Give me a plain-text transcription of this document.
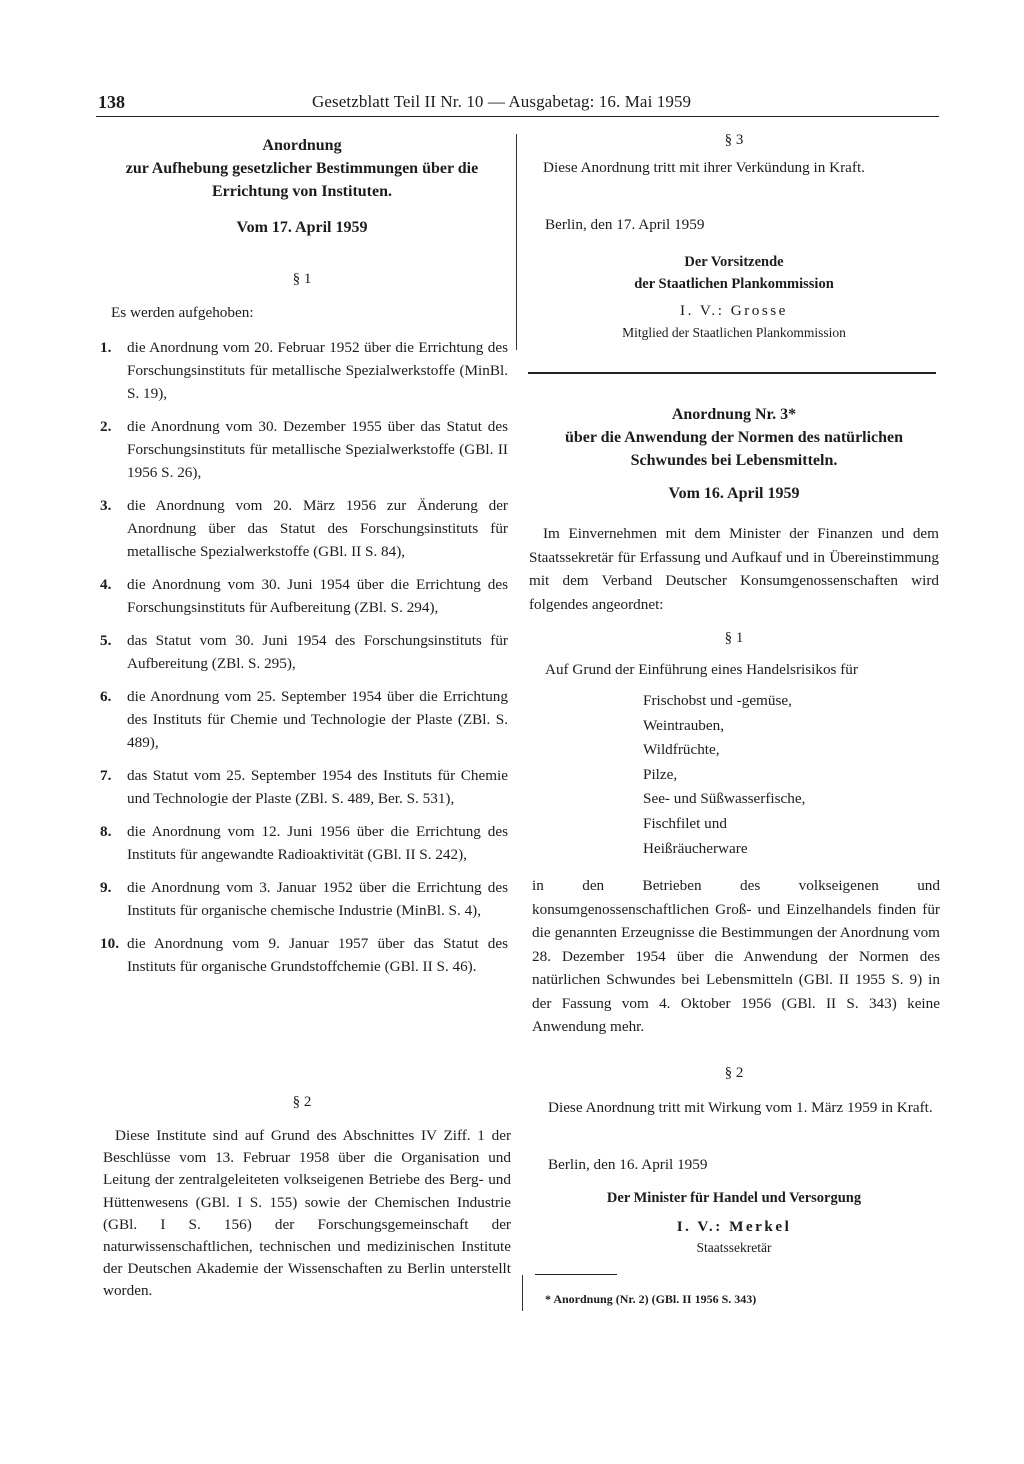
138	Gesetzblatt Teil II Nr. 10 — Ausgabetag: 16. Mai 1959
Anordnung
zur Aufhebung gesetzlicher Bestimmungen über die
Errichtung von Instituten.
Vom 17. April 1959
§ 1
Es werden aufgehoben:
1. die Anordnung vom 20. Februar 1952 über die Errichtung des Forschungsinstituts für metallische Spezialwerkstoffe (MinBl. S. 19),
2. die Anordnung vom 30. Dezember 1955 über das Statut des Forschungsinstituts für metallische Spezialwerkstoffe (GBl. II 1956 S. 26),
3. die Anordnung vom 20. März 1956 zur Änderung der Anordnung über das Statut des Forschungsinstituts für metallische Spezialwerkstoffe (GBl. II S. 84),
4. die Anordnung vom 30. Juni 1954 über die Errichtung des Forschungsinstituts für Aufbereitung (ZBl. S. 294),
5. das Statut vom 30. Juni 1954 des Forschungsinstituts für Aufbereitung (ZBl. S. 295),
6. die Anordnung vom 25. September 1954 über die Errichtung des Instituts für Chemie und Technologie der Plaste (ZBl. S. 489),
7. das Statut vom 25. September 1954 des Instituts für Chemie und Technologie der Plaste (ZBl. S. 489, Ber. S. 531),
8. die Anordnung vom 12. Juni 1956 über die Errichtung des Instituts für angewandte Radioaktivität (GBl. II S. 242),
9. die Anordnung vom 3. Januar 1952 über die Errichtung des Instituts für organische chemische Industrie (MinBl. S. 4),
10. die Anordnung vom 9. Januar 1957 über das Statut des Instituts für organische Grundstoffchemie (GBl. II S. 46).
§ 2
Diese Institute sind auf Grund des Abschnittes IV Ziff. 1 der Beschlüsse vom 13. Februar 1958 über die Organisation und Leitung der zentralgeleiteten volkseigenen Betriebe des Berg- und Hüttenwesens (GBl. I S. 155) sowie der Chemischen Industrie (GBl. I S. 156) der Forschungsgemeinschaft der naturwissenschaftlichen, technischen und medizinischen Institute der Deutschen Akademie der Wissenschaften zu Berlin unterstellt worden.
§ 3
Diese Anordnung tritt mit ihrer Verkündung in Kraft.
Berlin, den 17. April 1959
Der Vorsitzende
der Staatlichen Plankommission
I. V.: Grosse
Mitglied der Staatlichen Plankommission
Anordnung Nr. 3*
über die Anwendung der Normen des natürlichen
Schwundes bei Lebensmitteln.
Vom 16. April 1959
Im Einvernehmen mit dem Minister der Finanzen und dem Staatssekretär für Erfassung und Aufkauf und in Übereinstimmung mit dem Verband Deutscher Konsumgenossenschaften wird folgendes angeordnet:
§ 1
Auf Grund der Einführung eines Handelsrisikos für
Frischobst und -gemüse,
Weintrauben,
Wildfrüchte,
Pilze,
See- und Süßwasserfische,
Fischfilet und
Heißräucherware
in den Betrieben des volkseigenen und konsumgenossenschaftlichen Groß- und Einzelhandels finden für die genannten Erzeugnisse die Bestimmungen der Anordnung vom 28. Dezember 1954 über die Anwendung der Normen des natürlichen Schwundes bei Lebensmitteln (GBl. II 1955 S. 9) in der Fassung vom 4. Oktober 1956 (GBl. II S. 343) keine Anwendung mehr.
§ 2
Diese Anordnung tritt mit Wirkung vom 1. März 1959 in Kraft.
Berlin, den 16. April 1959
Der Minister für Handel und Versorgung
I. V.: Merkel
Staatssekretär
* Anordnung (Nr. 2) (GBl. II 1956 S. 343)
